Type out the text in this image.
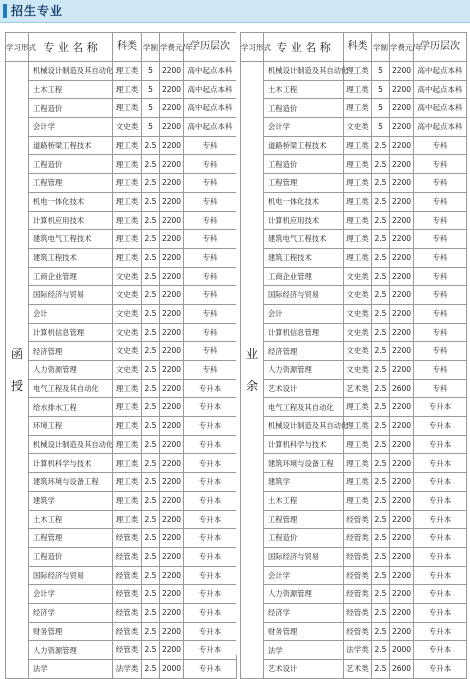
招生专业
学习形式	专 业 名 称	科类	学制	学费元/年	学历层次

函
授	机械设计制造及其自动化	理工类	5	2200	高中起点本科
	土木工程	理工类	5	2200	高中起点本科
	工程造价	理工类	5	2200	高中起点本科
	会计学	文史类	5	2200	高中起点本科
	道路桥梁工程技术	理工类	2.5	2200	专科
	工程造价	理工类	2.5	2200	专科
	工程管理	理工类	2.5	2200	专科
	机电一体化技术	理工类	2.5	2200	专科
	计算机应用技术	理工类	2.5	2200	专科
	建筑电气工程技术	理工类	2.5	2200	专科
	建筑工程技术	理工类	2.5	2200	专科
	工商企业管理	文史类	2.5	2200	专科
	国际经济与贸易	文史类	2.5	2200	专科
	会计	文史类	2.5	2200	专科
	计算机信息管理	文史类	2.5	2200	专科
	经济管理	文史类	2.5	2200	专科
	人力资源管理	文史类	2.5	2200	专科
	电气工程及其自动化	理工类	2.5	2200	专升本
	给水排水工程	理工类	2.5	2200	专升本
	环境工程	理工类	2.5	2200	专升本
	机械设计制造及其自动化	理工类	2.5	2200	专升本
	计算机科学与技术	理工类	2.5	2200	专升本
	建筑环境与设备工程	理工类	2.5	2200	专升本
	建筑学	理工类	2.5	2200	专升本
	土木工程	理工类	2.5	2200	专升本
	工程管理	经管类	2.5	2200	专升本
	工程造价	经管类	2.5	2200	专升本
	国际经济与贸易	经管类	2.5	2200	专升本
	会计学	经管类	2.5	2200	专升本
	经济学	经管类	2.5	2200	专升本
	财务管理	经管类	2.5	2200	专升本
	人力资源管理	经管类	2.5	2200	专升本
	法学	法学类	2.5	2000	专升本
学习形式	专 业 名 称	科类	学制	学费元/年	学历层次

业
余	机械设计制造及其自动化	理工类	5	2200	高中起点本科
	土木工程	理工类	5	2200	高中起点本科
	工程造价	理工类	5	2200	高中起点本科
	会计学	文史类	5	2200	高中起点本科
	道路桥梁工程技术	理工类	2.5	2200	专科
	工程造价	理工类	2.5	2200	专科
	工程管理	理工类	2.5	2200	专科
	机电一体化技术	理工类	2.5	2200	专科
	计算机应用技术	理工类	2.5	2200	专科
	建筑电气工程技术	理工类	2.5	2200	专科
	建筑工程技术	理工类	2.5	2200	专科
	工商企业管理	文史类	2.5	2200	专科
	国际经济与贸易	文史类	2.5	2200	专科
	会计	文史类	2.5	2200	专科
	计算机信息管理	文史类	2.5	2200	专科
	经济管理	文史类	2.5	2200	专科
	人力资源管理	文史类	2.5	2200	专科
	艺术设计	艺术类	2.5	2600	专科
	电气工程及其自动化	理工类	2.5	2200	专升本
	机械设计制造及其自动化	理工类	2.5	2200	专升本
	计算机科学与技术	理工类	2.5	2200	专升本
	建筑环境与设备工程	理工类	2.5	2200	专升本
	建筑学	理工类	2.5	2200	专升本
	土木工程	理工类	2.5	2200	专升本
	工程管理	经管类	2.5	2200	专升本
	工程造价	经管类	2.5	2200	专升本
	国际经济与贸易	经管类	2.5	2200	专升本
	会计学	经管类	2.5	2200	专升本
	人力资源管理	经管类	2.5	2200	专升本
	经济学	经管类	2.5	2200	专升本
	财务管理	经管类	2.5	2200	专升本
	法学	法学类	2.5	2000	专升本
	艺术设计	艺术类	2.5	2600	专升本
